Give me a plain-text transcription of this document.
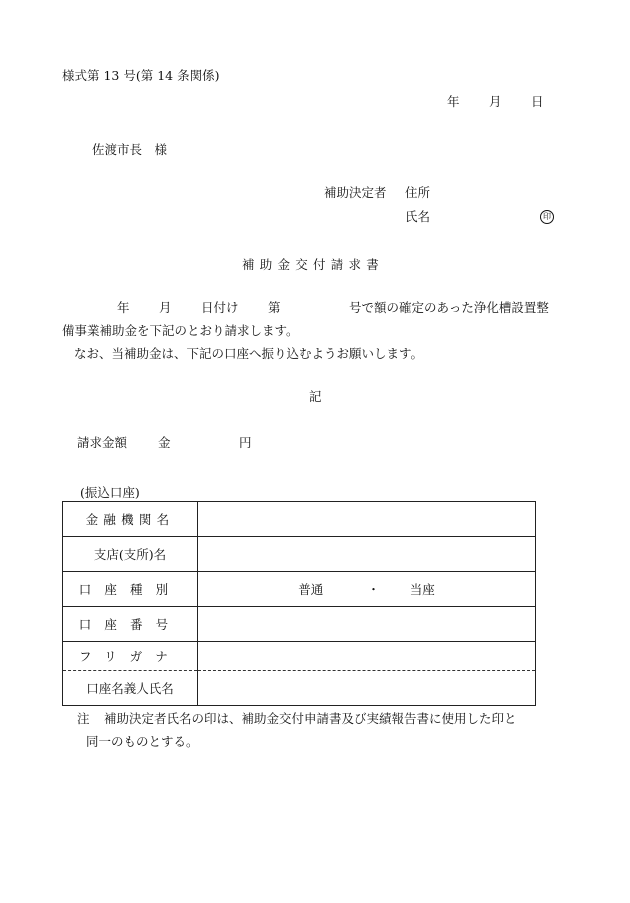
様式第 13 号(第 14 条関係)
年 月 日
佐渡市長　様
補助決定者 住所
氏名	印
補助金交付請求書
年 月 日付け 第	号で額の確定のあった浄化槽設置整
備事業補助金を下記のとおり請求します。
なお、当補助金は、下記の口座へ振り込むようお願いします。
記
請求金額 金	円
(振込口座)
金融機関名	
支店(支所)名	
口座種別	普通 ・ 当座
口座番号	
フリガナ	
口座名義人氏名	
注 補助決定者氏名の印は、補助金交付申請書及び実績報告書に使用した印と
同一のものとする。
